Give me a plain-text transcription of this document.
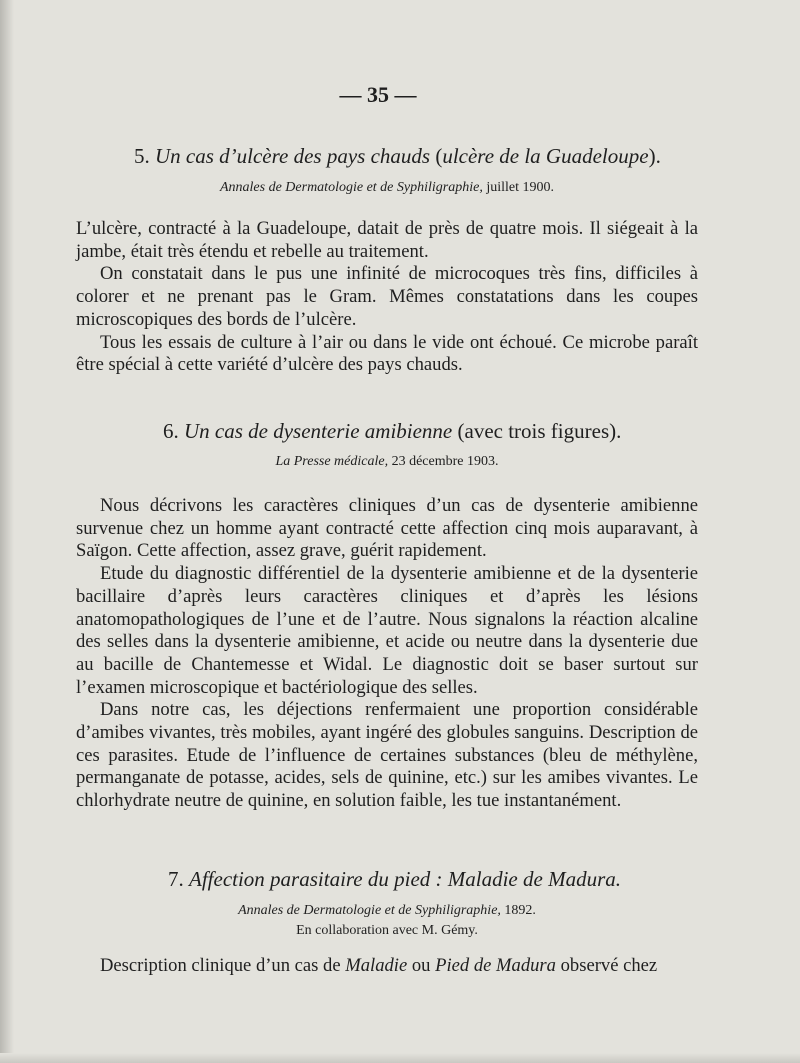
— 35 —
5. Un cas d’ulcère des pays chauds (ulcère de la Guadeloupe).
Annales de Dermatologie et de Syphiligraphie, juillet 1900.

L’ulcère, contracté à la Guadeloupe, datait de près de quatre mois. Il siégeait à la jambe, était très étendu et rebelle au traitement.

On constatait dans le pus une infinité de microcoques très fins, difficiles à colorer et ne prenant pas le Gram. Mêmes constatations dans les coupes microscopiques des bords de l’ulcère.

Tous les essais de culture à l’air ou dans le vide ont échoué. Ce microbe paraît être spécial à cette variété d’ulcère des pays chauds.

6. Un cas de dysenterie amibienne (avec trois figures).
La Presse médicale, 23 décembre 1903.

Nous décrivons les caractères cliniques d’un cas de dysenterie amibienne survenue chez un homme ayant contracté cette affection cinq mois auparavant, à Saïgon. Cette affection, assez grave, guérit rapidement.

Etude du diagnostic différentiel de la dysenterie amibienne et de la dysenterie bacillaire d’après leurs caractères cliniques et d’après les lésions anatomopathologiques de l’une et de l’autre. Nous signalons la réaction alcaline des selles dans la dysenterie amibienne, et acide ou neutre dans la dysenterie due au bacille de Chantemesse et Widal. Le diagnostic doit se baser surtout sur l’examen microscopique et bactériologique des selles.

Dans notre cas, les déjections renfermaient une proportion considérable d’amibes vivantes, très mobiles, ayant ingéré des globules sanguins. Description de ces parasites. Etude de l’influence de certaines substances (bleu de méthylène, permanganate de potasse, acides, sels de quinine, etc.) sur les amibes vivantes. Le chlorhydrate neutre de quinine, en solution faible, les tue instantanément.

7. Affection parasitaire du pied : Maladie de Madura.
Annales de Dermatologie et de Syphiligraphie, 1892.
En collaboration avec M. Gémy.

Description clinique d’un cas de Maladie ou Pied de Madura observé chez
